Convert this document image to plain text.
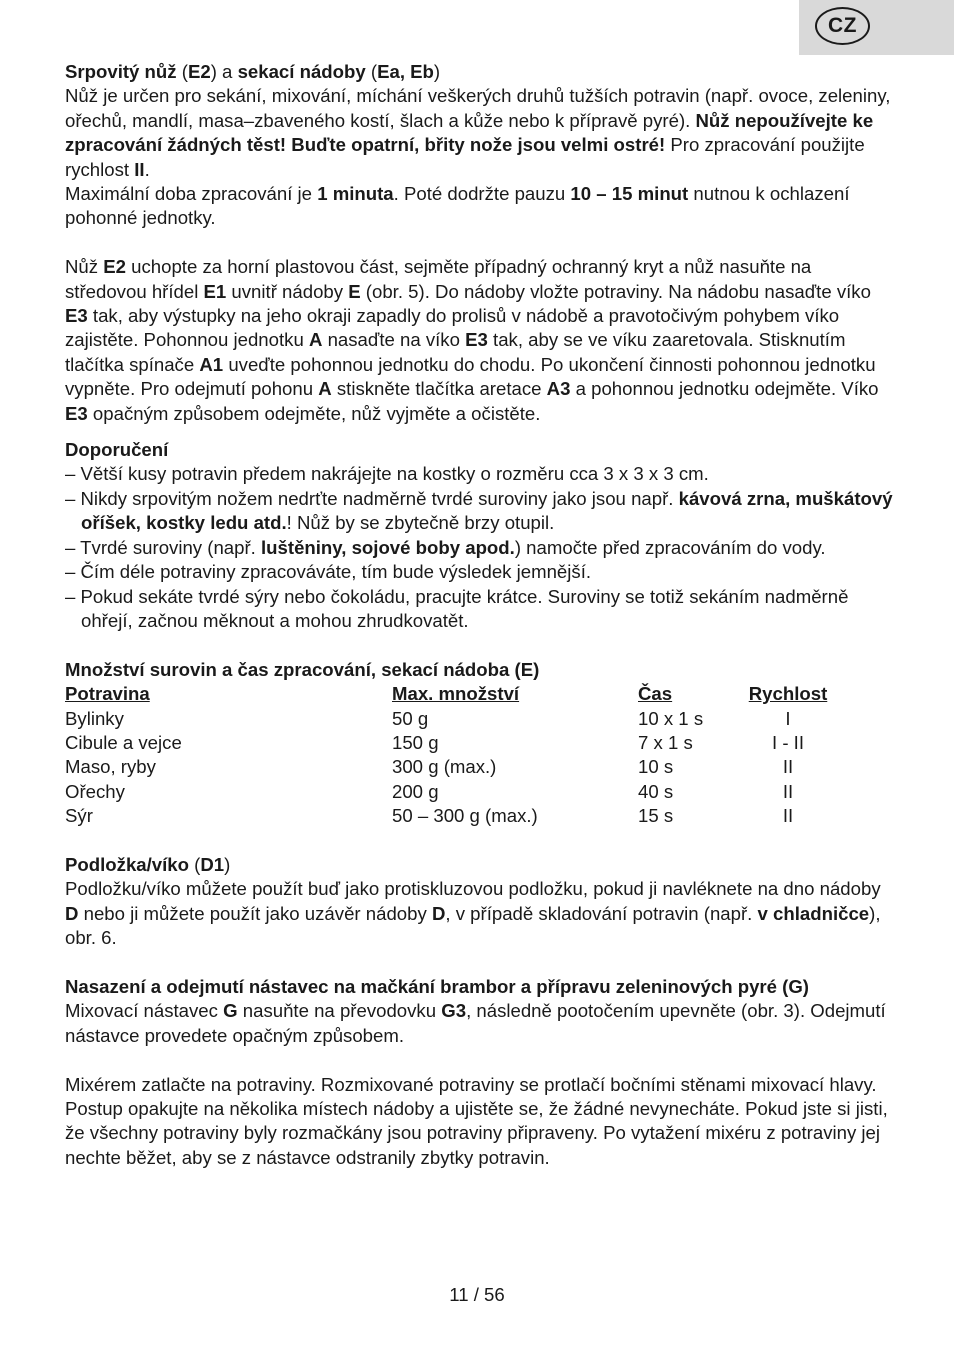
CZ

Srpovitý nůž (E2) a sekací nádoby (Ea, Eb)

Nůž je určen pro sekání, mixování, míchání veškerých druhů tužších potravin (např. ovoce, zeleniny, ořechů, mandlí, masa–zbaveného kostí, šlach a kůže nebo k přípravě pyré). Nůž nepoužívejte ke zpracování žádných těst! Buďte opatrní, břity nože jsou velmi ostré! Pro zpracování použijte rychlost II.

Maximální doba zpracování je 1 minuta. Poté dodržte pauzu 10 – 15 minut nutnou k ochlazení pohonné jednotky.

Nůž E2 uchopte za horní plastovou část, sejměte případný ochranný kryt a nůž nasuňte na středovou hřídel E1 uvnitř nádoby E (obr. 5). Do nádoby vložte potraviny. Na nádobu nasaďte víko E3 tak, aby výstupky na jeho okraji zapadly do prolisů v nádobě a pravotočivým pohybem víko zajistěte. Pohonnou jednotku A nasaďte na víko E3 tak, aby se ve víku zaaretovala. Stisknutím tlačítka spínače A1 uveďte pohonnou jednotku do chodu. Po ukončení činnosti pohonnou jednotku vypněte. Pro odejmutí pohonu A stiskněte tlačítka aretace A3 a pohonnou jednotku odejměte. Víko E3 opačným způsobem odejměte, nůž vyjměte a očistěte.

Doporučení

– Větší kusy potravin předem nakrájejte na kostky o rozměru cca 3 x 3 x 3 cm.
– Nikdy srpovitým nožem nedrťte nadměrně tvrdé suroviny jako jsou např. kávová zrna, muškátový oříšek, kostky ledu atd.! Nůž by se zbytečně brzy otupil.
– Tvrdé suroviny (např. luštěniny, sojové boby apod.) namočte před zpracováním do vody.
– Čím déle potraviny zpracováváte, tím bude výsledek jemnější.
– Pokud sekáte tvrdé sýry nebo čokoládu, pracujte krátce. Suroviny se totiž sekáním nadměrně ohřejí, začnou měknout a mohou zhrudkovatět.

Množství surovin a čas zpracování, sekací nádoba (E)

Potravina	Max. množství	Čas	Rychlost
Bylinky	50 g	10 x 1 s	I
Cibule a vejce	150 g	7 x 1 s	I - II
Maso, ryby	300 g (max.)	10 s	II
Ořechy	200 g	40 s	II
Sýr	50 – 300 g (max.)	15 s	II

Podložka/víko (D1)

Podložku/víko můžete použít buď jako protiskluzovou podložku, pokud ji navléknete na dno nádoby D nebo ji můžete použít jako uzávěr nádoby D, v případě skladování potravin (např. v chladničce), obr. 6.

Nasazení a odejmutí nástavec na mačkání brambor a přípravu zeleninových pyré (G)

Mixovací nástavec G nasuňte na převodovku G3, následně pootočením upevněte (obr. 3). Odejmutí nástavce provedete opačným způsobem.

Mixérem zatlačte na potraviny. Rozmixované potraviny se protlačí bočními stěnami mixovací hlavy. Postup opakujte na několika místech nádoby a ujistěte se, že žádné nevynecháte. Pokud jste si jisti, že všechny potraviny byly rozmačkány jsou potraviny připraveny. Po vytažení mixéru z potraviny jej nechte běžet, aby se z nástavce odstranily zbytky potravin.

11 / 56
